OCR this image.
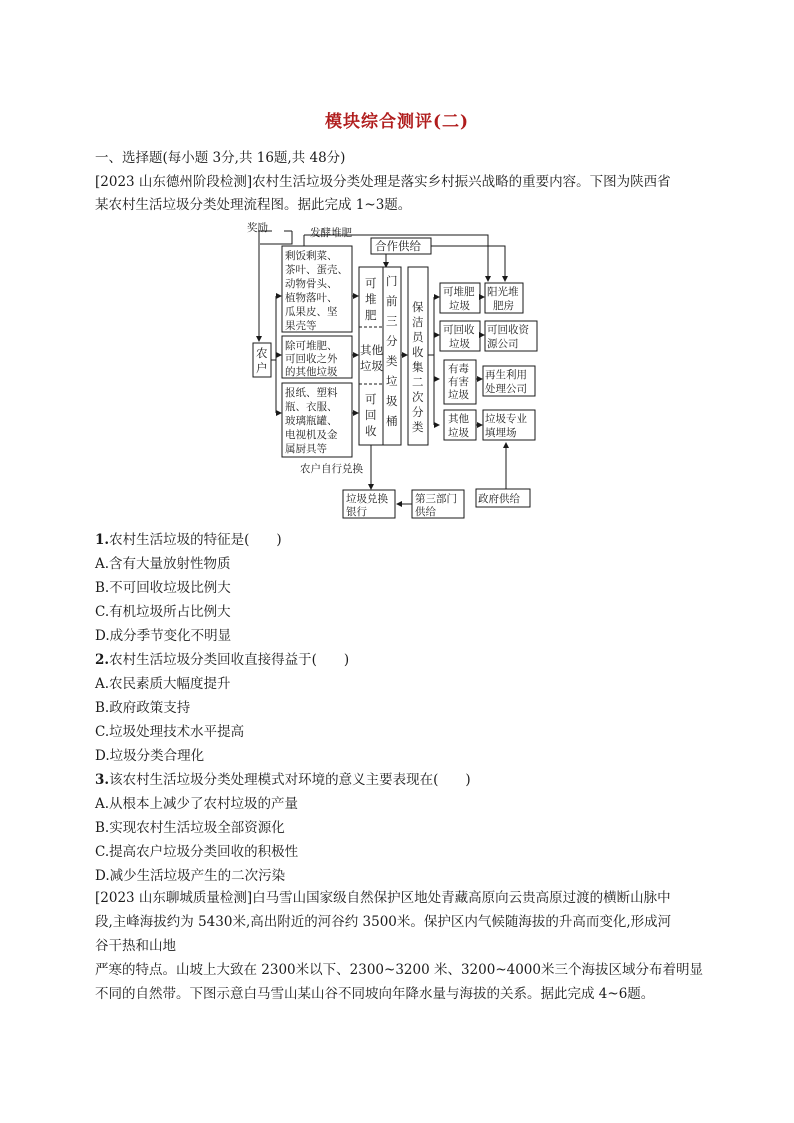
模块综合测评(二)
一、选择题(每小题 3分,共 16题,共 48分)
[2023 山东德州阶段检测]农村生活垃圾分类处理是落实乡村振兴战略的重要内容。下图为陕西省
某农村生活垃圾分类处理流程图。据此完成 1~3题。
奖励	发酵堆肥
合作供给
农
户
剩饭剩菜、
茶叶、蛋壳、
动物骨头、
植物落叶、
瓜果皮、坚
果壳等
除可堆肥、
可回收之外
的其他垃圾
报纸、塑料
瓶、衣服、
玻璃瓶罐、
电视机及金
属厨具等
可
堆
肥
其他
垃圾
可
回
收
门
前
三
分
类
垃
圾
桶
保
洁
员
收
集
二
次
分
类
可堆肥
垃圾
可回收
垃圾
有毒
有害
垃圾
其他
垃圾
阳光堆
肥房
可回收资
源公司
再生利用
处理公司
垃圾专业
填埋场
农户自行兑换
垃圾兑换
银行
第三部门
供给
政府供给
1.农村生活垃圾的特征是(　　)
A.含有大量放射性物质
B.不可回收垃圾比例大
C.有机垃圾所占比例大
D.成分季节变化不明显
2.农村生活垃圾分类回收直接得益于(　　)
A.农民素质大幅度提升
B.政府政策支持
C.垃圾处理技术水平提高
D.垃圾分类合理化
3.该农村生活垃圾分类处理模式对环境的意义主要表现在(　　)
A.从根本上减少了农村垃圾的产量
B.实现农村生活垃圾全部资源化
C.提高农户垃圾分类回收的积极性
D.减少生活垃圾产生的二次污染
[2023 山东聊城质量检测]白马雪山国家级自然保护区地处青藏高原向云贵高原过渡的横断山脉中
段,主峰海拔约为 5430米,高出附近的河谷约 3500米。保护区内气候随海拔的升高而变化,形成河
谷干热和山地
严寒的特点。山坡上大致在 2300米以下、2300~3200 米、3200~4000米三个海拔区域分布着明显
不同的自然带。下图示意白马雪山某山谷不同坡向年降水量与海拔的关系。据此完成 4~6题。
